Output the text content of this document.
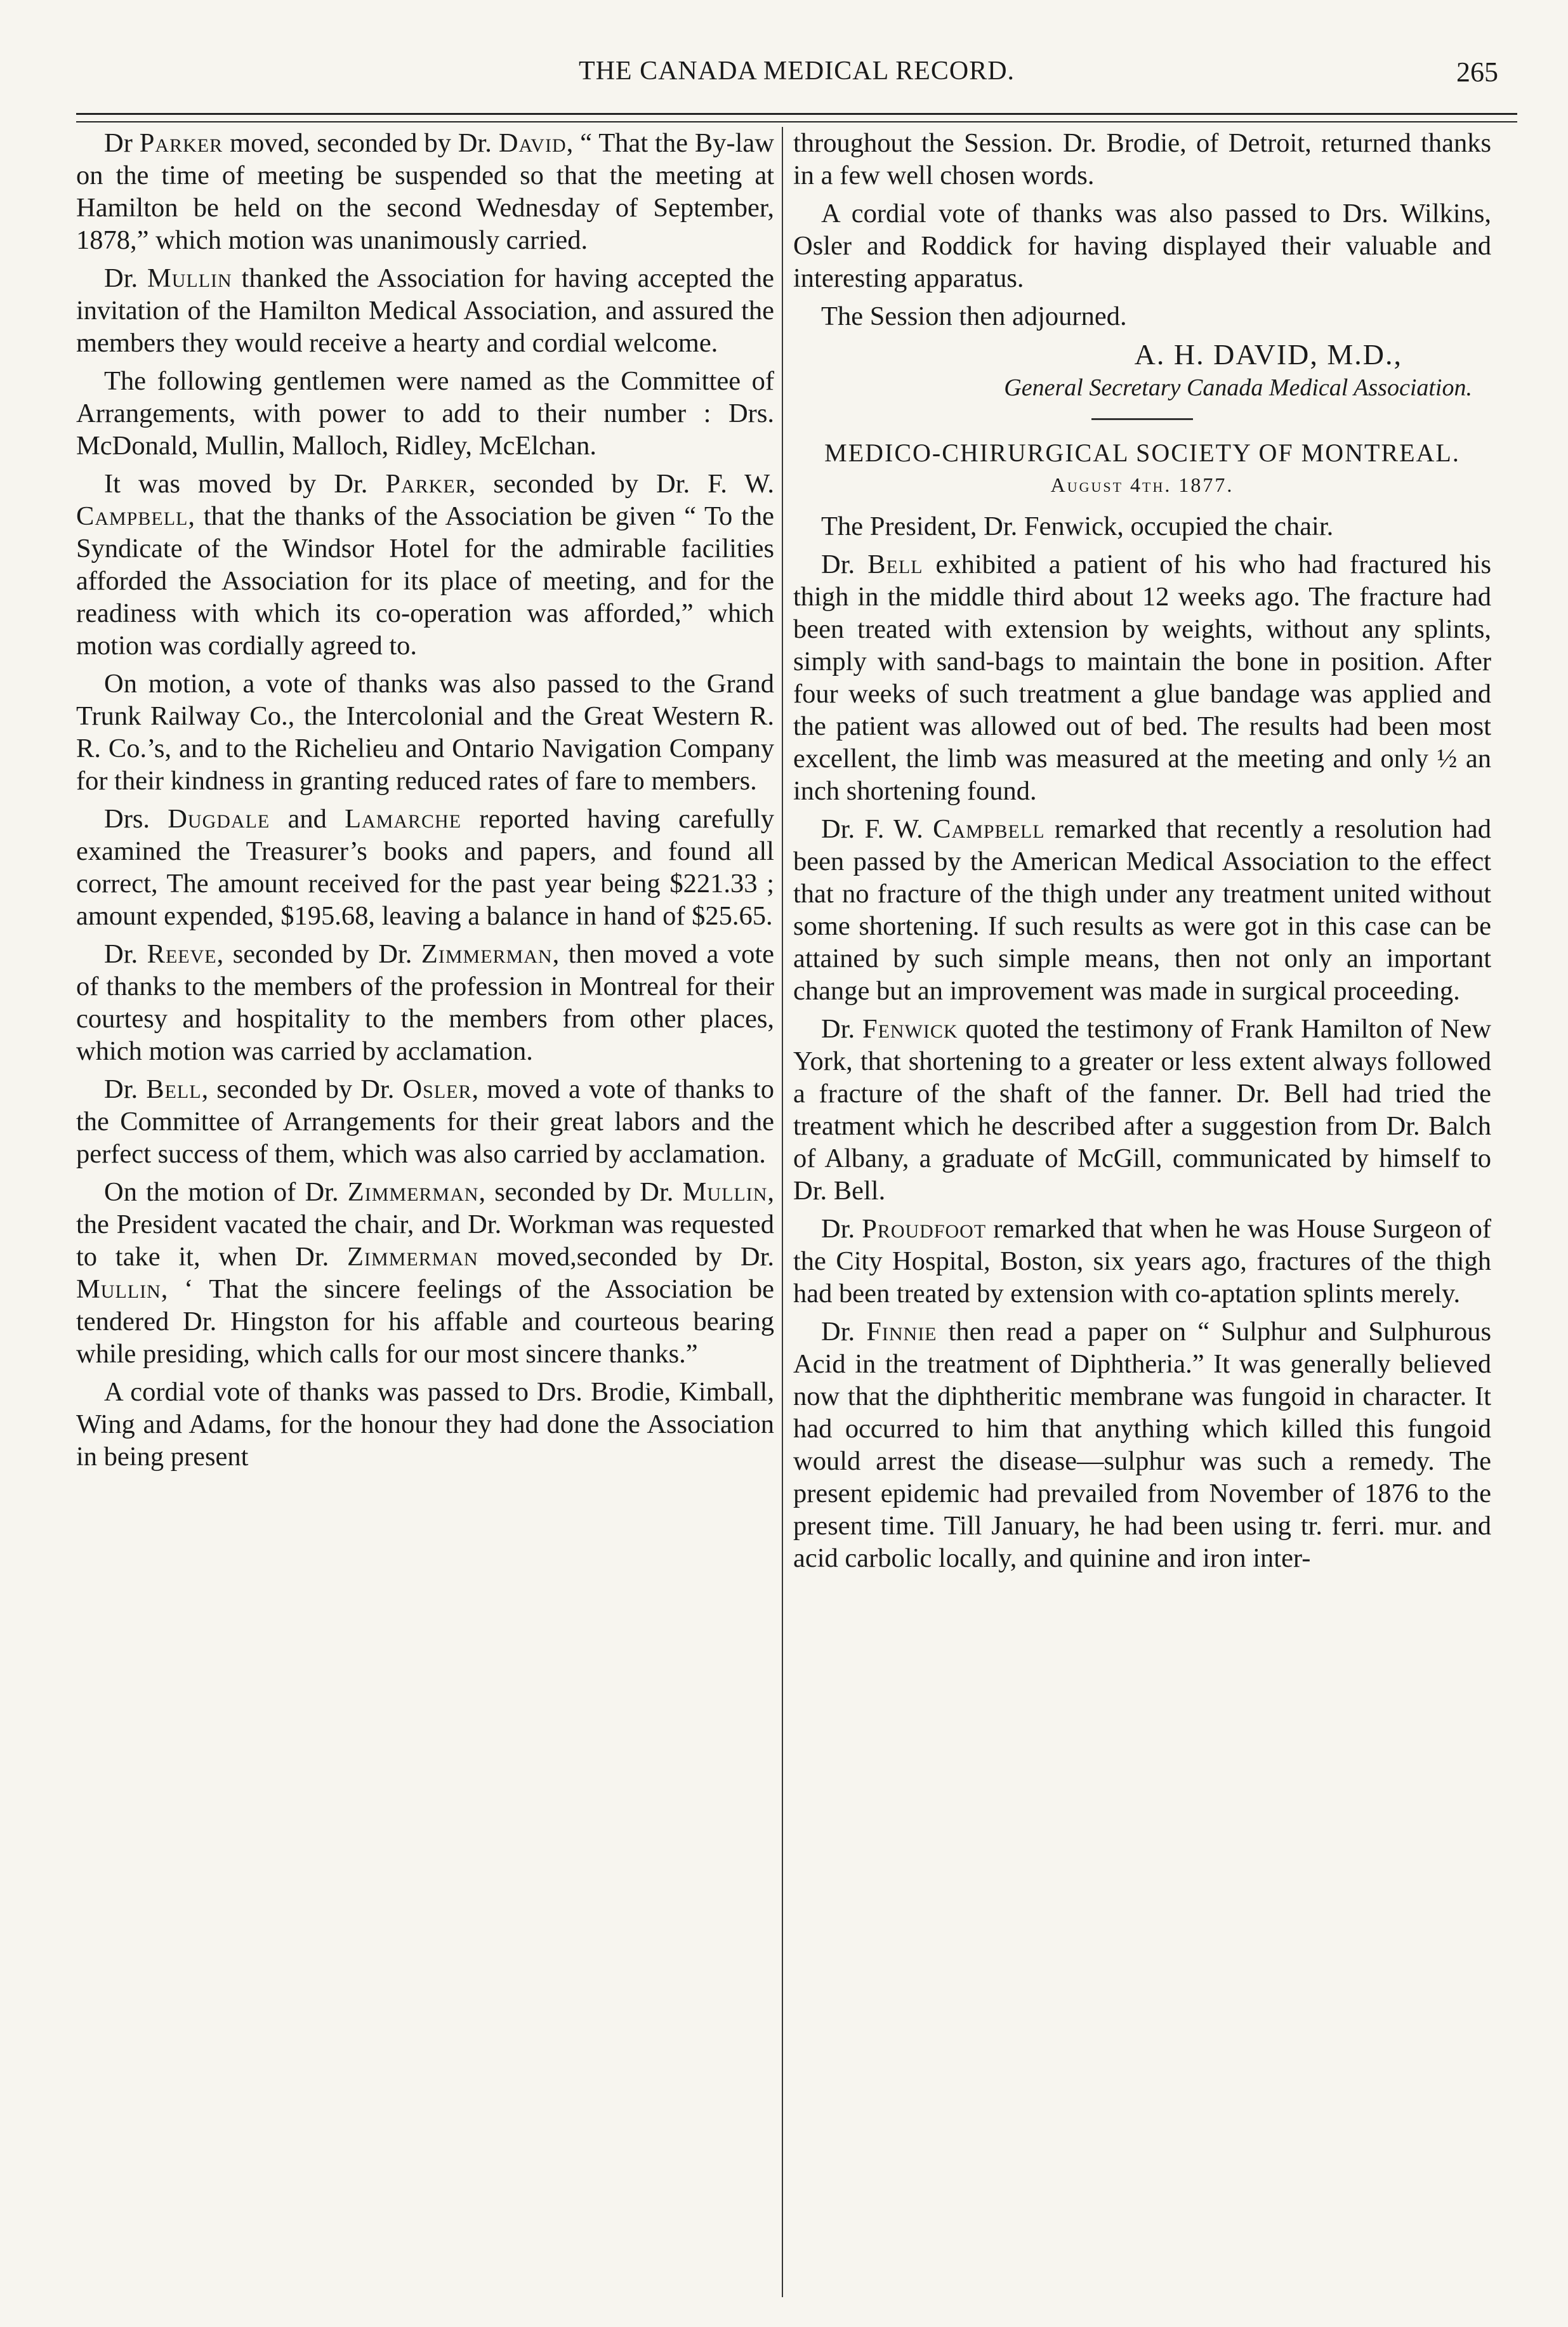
THE CANADA MEDICAL RECORD.	265

Dr Parker moved, seconded by Dr. David, “ That the By-law on the time of meeting be suspended so that the meeting at Hamilton be held on the second Wednesday of September, 1878,” which motion was unanimously carried.

Dr. Mullin thanked the Association for having accepted the invitation of the Hamilton Medical Association, and assured the members they would receive a hearty and cordial welcome.

The following gentlemen were named as the Committee of Arrangements, with power to add to their number : Drs. McDonald, Mullin, Malloch, Ridley, McElchan.

It was moved by Dr. Parker, seconded by Dr. F. W. Campbell, that the thanks of the Association be given “ To the Syndicate of the Windsor Hotel for the admirable facilities afforded the Association for its place of meeting, and for the readiness with which its co-operation was afforded,” which motion was cordially agreed to.

On motion, a vote of thanks was also passed to the Grand Trunk Railway Co., the Intercolonial and the Great Western R. R. Co.’s, and to the Richelieu and Ontario Navigation Company for their kindness in granting reduced rates of fare to members.

Drs. Dugdale and Lamarche reported having carefully examined the Treasurer’s books and papers, and found all correct, The amount received for the past year being $221.33 ; amount expended, $195.68, leaving a balance in hand of $25.65.

Dr. Reeve, seconded by Dr. Zimmerman, then moved a vote of thanks to the members of the profession in Montreal for their courtesy and hospitality to the members from other places, which motion was carried by acclamation.

Dr. Bell, seconded by Dr. Osler, moved a vote of thanks to the Committee of Arrangements for their great labors and the perfect success of them, which was also carried by acclamation.

On the motion of Dr. Zimmerman, seconded by Dr. Mullin, the President vacated the chair, and Dr. Workman was requested to take it, when Dr. Zimmerman moved,seconded by Dr. Mullin, ‘ That the sincere feelings of the Association be tendered Dr. Hingston for his affable and courteous bearing while presiding, which calls for our most sincere thanks.”

A cordial vote of thanks was passed to Drs. Brodie, Kimball, Wing and Adams, for the honour they had done the Association in being present

throughout the Session. Dr. Brodie, of Detroit, returned thanks in a few well chosen words.

A cordial vote of thanks was also passed to Drs. Wilkins, Osler and Roddick for having displayed their valuable and interesting apparatus.

The Session then adjourned.

A. H. DAVID, M.D.,
General Secretary Canada Medical Association.
MEDICO-CHIRURGICAL SOCIETY OF MONTREAL.
August 4th. 1877.

The President, Dr. Fenwick, occupied the chair.

Dr. Bell exhibited a patient of his who had fractured his thigh in the middle third about 12 weeks ago. The fracture had been treated with extension by weights, without any splints, simply with sand-bags to maintain the bone in position. After four weeks of such treatment a glue bandage was applied and the patient was allowed out of bed. The results had been most excellent, the limb was measured at the meeting and only ½ an inch shortening found.

Dr. F. W. Campbell remarked that recently a resolution had been passed by the American Medical Association to the effect that no fracture of the thigh under any treatment united without some shortening. If such results as were got in this case can be attained by such simple means, then not only an important change but an improvement was made in surgical proceeding.

Dr. Fenwick quoted the testimony of Frank Hamilton of New York, that shortening to a greater or less extent always followed a fracture of the shaft of the fanner. Dr. Bell had tried the treatment which he described after a suggestion from Dr. Balch of Albany, a graduate of McGill, communicated by himself to Dr. Bell.

Dr. Proudfoot remarked that when he was House Surgeon of the City Hospital, Boston, six years ago, fractures of the thigh had been treated by extension with co-aptation splints merely.

Dr. Finnie then read a paper on “ Sulphur and Sulphurous Acid in the treatment of Diphtheria.” It was generally believed now that the diphtheritic membrane was fungoid in character. It had occurred to him that anything which killed this fungoid would arrest the disease—sulphur was such a remedy. The present epidemic had prevailed from November of 1876 to the present time. Till January, he had been using tr. ferri. mur. and acid carbolic locally, and quinine and iron inter-
